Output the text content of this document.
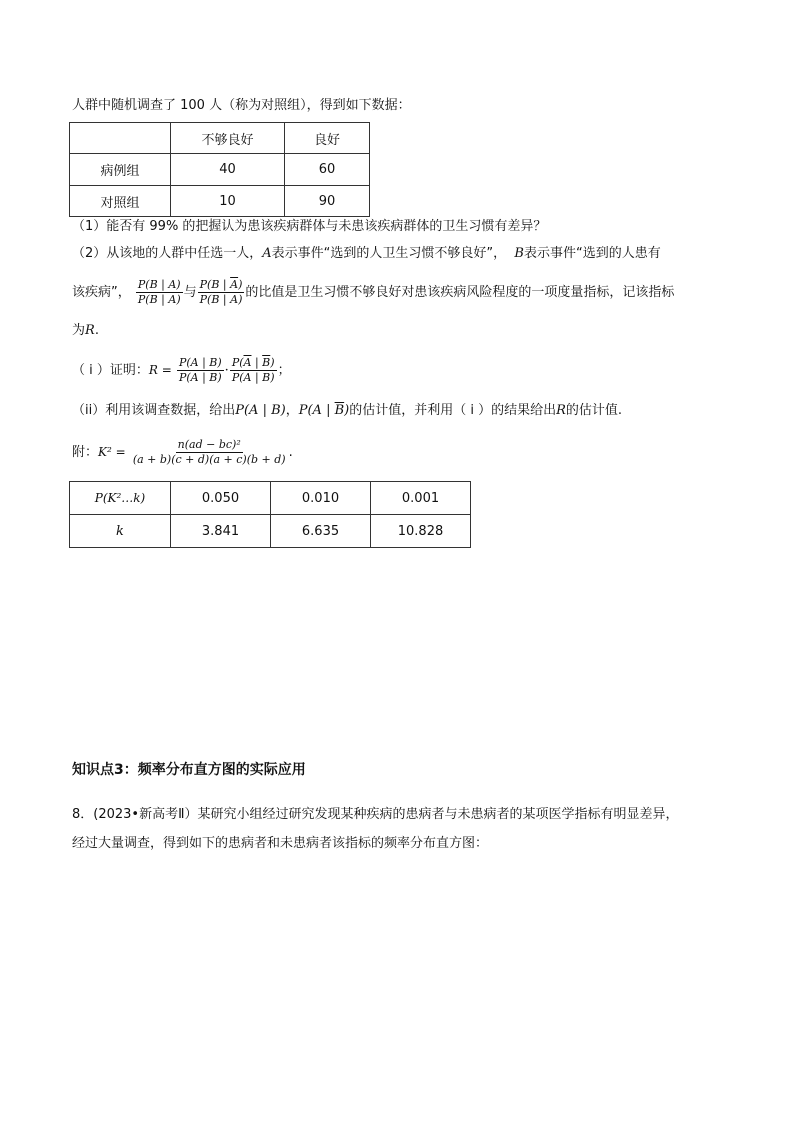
人群中随机调查了 100 人（称为对照组），得到如下数据：
	不够良好	良好
病例组	40	60
对照组	10	90
（1）能否有 99% 的把握认为患该疾病群体与未患该疾病群体的卫生习惯有差异？
（2）从该地的人群中任选一人，A表示事件“选到的人卫生习惯不够良好”， B表示事件“选到的人患有
该疾病”， $\frac{P(B | A)}{P(\overline{B} | A)}$ 与 $\frac{P(B | \overline{A})}{P(\overline{B} | \overline{A})}$ 的比值是卫生习惯不够良好对患该疾病风险程度的一项度量指标，记该指标
为R.
（ i ）证明：$R = \frac{P(A | B)}{P(\overline{A} | B)} \cdot \frac{P(\overline{A} | \overline{B})}{P(A | \overline{B})}$ ；
（ii）利用该调查数据，给出P(A | B)，P(A | $\overline{B}$)的估计值，并利用（ i ）的结果给出R的估计值.
附：$K^2 = \frac{\text{n(ad − bc)²}}{(a + b)(c + d)(a + c)(b + d)}$ .
P(K²…k)	0.050	0.010	0.001
k	3.841	6.635	10.828
知识点3：频率分布直方图的实际应用
8．(2023•新高考Ⅱ）某研究小组经过研究发现某种疾病的患病者与未患病者的某项医学指标有明显差异，
经过大量调查，得到如下的患病者和未患病者该指标的频率分布直方图：
